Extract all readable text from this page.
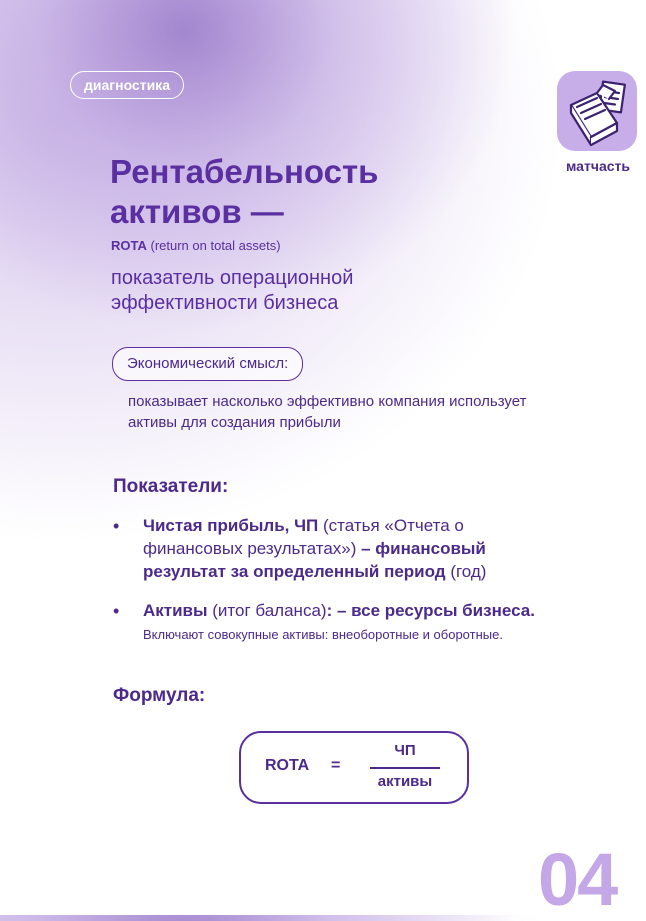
диагностика
матчасть
Рентабельность активов —
ROTA (return on total assets)
показатель операционной эффективности бизнеса
Экономический смысл:
показывает насколько эффективно компания использует активы для создания прибыли
Показатели:
•	Чистая прибыль, ЧП (статья «Отчета о финансовых результатах») – финансовый результат за определенный период (год)
•	Активы (итог баланса): – все ресурсы бизнеса.
Включают совокупные активы: внеоборотные и оборотные.
Формула:
ROTA =
ЧП
активы
04
